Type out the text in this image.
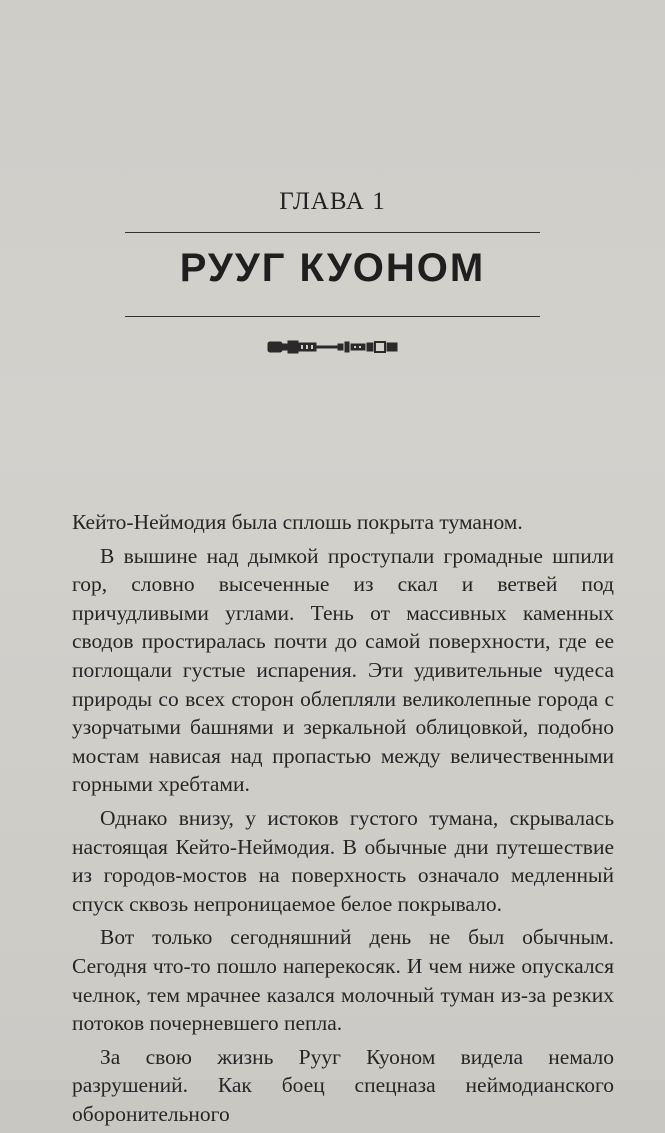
ГЛАВА 1
РУУГ КУОНОМ

Кейто-Неймодия была сплошь покрыта туманом.

В вышине над дымкой проступали громадные шпили гор, словно высеченные из скал и ветвей под причудливыми углами. Тень от массивных каменных сводов простиралась почти до самой поверхности, где ее поглощали густые испарения. Эти удивительные чудеса природы со всех сторон облепляли великолепные города с узорчатыми башнями и зеркальной облицовкой, подобно мостам нависая над пропастью между величественными горными хребтами.

Однако внизу, у истоков густого тумана, скрывалась настоящая Кейто-Неймодия. В обычные дни путешествие из городов-мостов на поверхность означало медленный спуск сквозь непроницаемое белое покрывало.

Вот только сегодняшний день не был обычным. Сегодня что-то пошло наперекосяк. И чем ниже опускался челнок, тем мрачнее казался молочный туман из-за резких потоков почерневшего пепла.

За свою жизнь Рууг Куоном видела немало разрушений. Как боец спецназа неймодианского оборонительного
